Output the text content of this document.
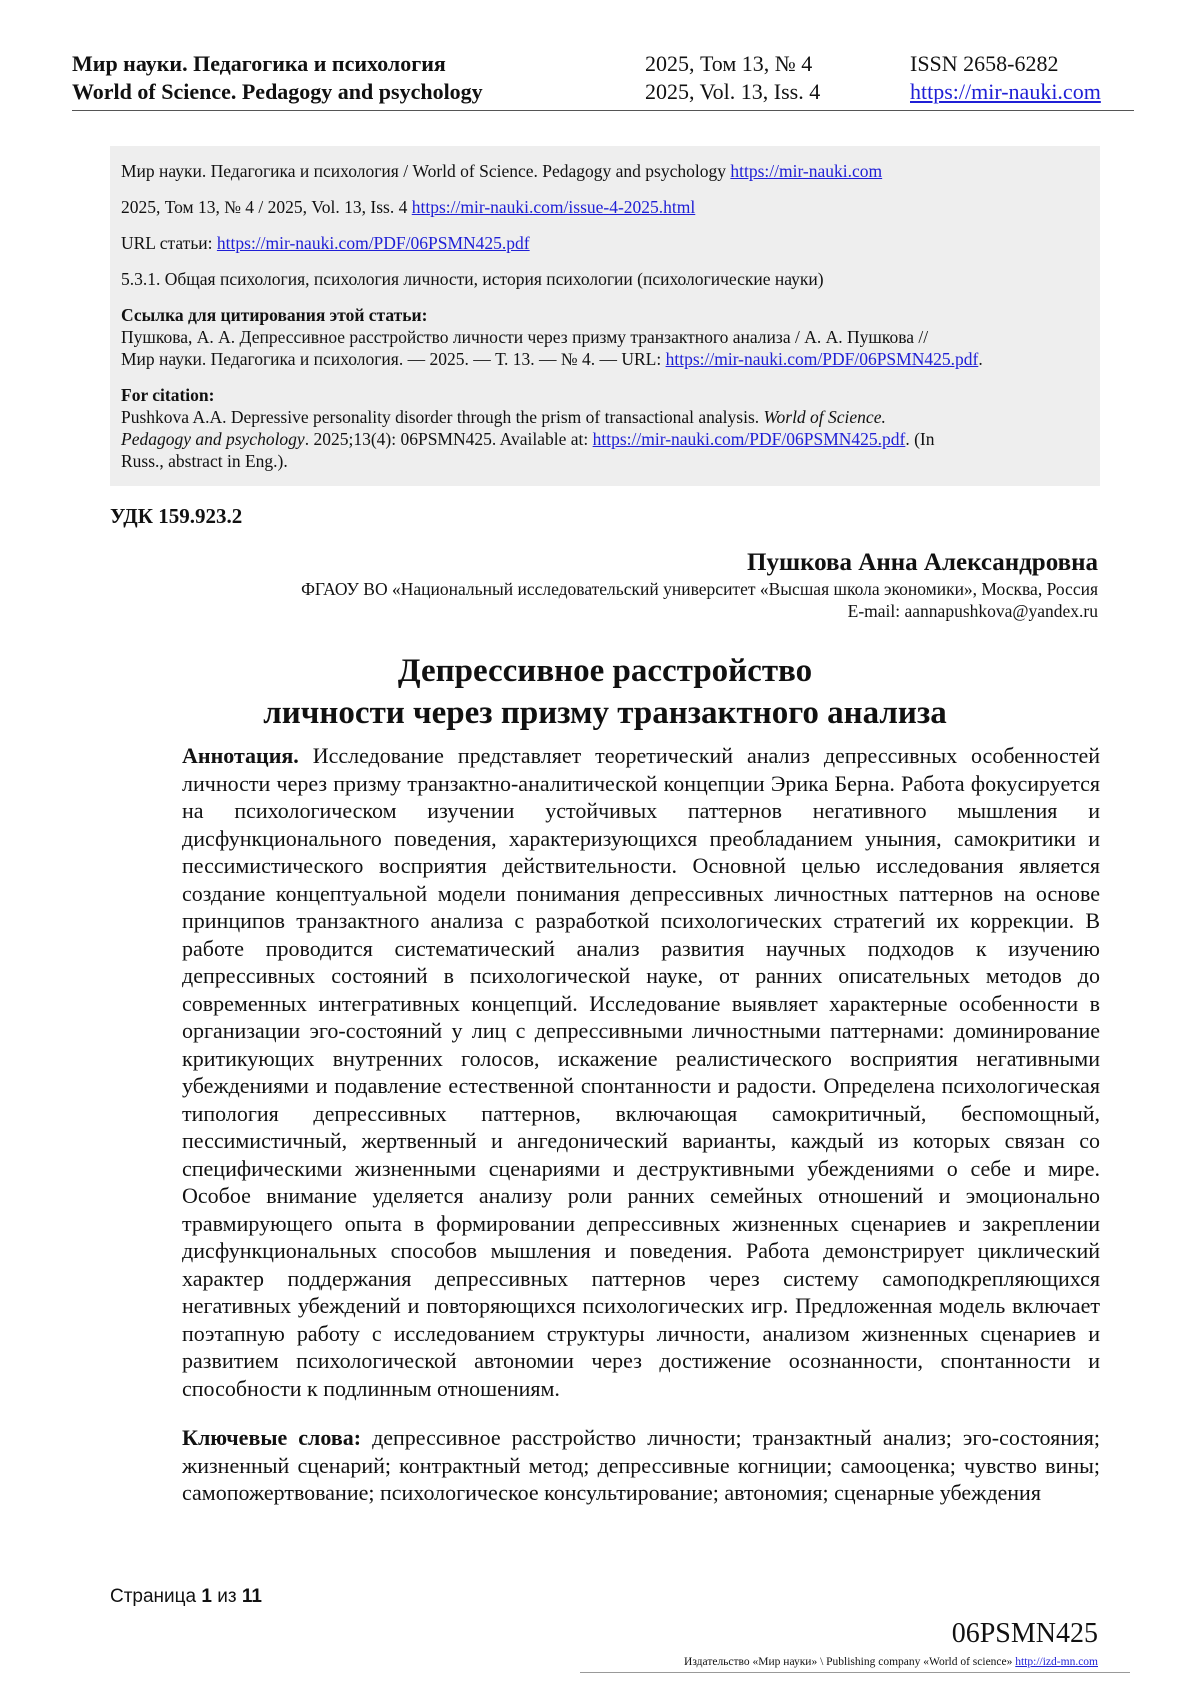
Мир науки. Педагогика и психология
World of Science. Pedagogy and psychology
2025, Том 13, № 4
2025, Vol. 13, Iss. 4
ISSN 2658-6282
https://mir-nauki.com
Мир науки. Педагогика и психология / World of Science. Pedagogy and psychology https://mir-nauki.com
2025, Том 13, № 4 / 2025, Vol. 13, Iss. 4 https://mir-nauki.com/issue-4-2025.html
URL статьи: https://mir-nauki.com/PDF/06PSMN425.pdf
5.3.1. Общая психология, психология личности, история психологии (психологические науки)
Ссылка для цитирования этой статьи:
Пушкова, А. А. Депрессивное расстройство личности через призму транзактного анализа / А. А. Пушкова //
Мир науки. Педагогика и психология. — 2025. — Т. 13. — № 4. — URL: https://mir-nauki.com/PDF/06PSMN425.pdf.
For citation:
Pushkova A.A. Depressive personality disorder through the prism of transactional analysis. World of Science.
Pedagogy and psychology. 2025;13(4): 06PSMN425. Available at: https://mir-nauki.com/PDF/06PSMN425.pdf. (In
Russ., abstract in Eng.).
УДК 159.923.2
Пушкова Анна Александровна
ФГАОУ ВО «Национальный исследовательский университет «Высшая школа экономики», Москва, Россия
E-mail: aannapushkova@yandex.ru
Депрессивное расстройство
личности через призму транзактного анализа
Аннотация. Исследование представляет теоретический анализ депрессивных особенностей личности через призму транзактно-аналитической концепции Эрика Берна. Работа фокусируется на психологическом изучении устойчивых паттернов негативного мышления и дисфункционального поведения, характеризующихся преобладанием уныния, самокритики и пессимистического восприятия действительности. Основной целью исследования является создание концептуальной модели понимания депрессивных личностных паттернов на основе принципов транзактного анализа с разработкой психологических стратегий их коррекции. В работе проводится систематический анализ развития научных подходов к изучению депрессивных состояний в психологической науке, от ранних описательных методов до современных интегративных концепций. Исследование выявляет характерные особенности в организации эго-состояний у лиц с депрессивными личностными паттернами: доминирование критикующих внутренних голосов, искажение реалистического восприятия негативными убеждениями и подавление естественной спонтанности и радости. Определена психологическая типология депрессивных паттернов, включающая самокритичный, беспомощный, пессимистичный, жертвенный и ангедонический варианты, каждый из которых связан со специфическими жизненными сценариями и деструктивными убеждениями о себе и мире. Особое внимание уделяется анализу роли ранних семейных отношений и эмоционально травмирующего опыта в формировании депрессивных жизненных сценариев и закреплении дисфункциональных способов мышления и поведения. Работа демонстрирует циклический характер поддержания депрессивных паттернов через систему самоподкрепляющихся негативных убеждений и повторяющихся психологических игр. Предложенная модель включает поэтапную работу с исследованием структуры личности, анализом жизненных сценариев и развитием психологической автономии через достижение осознанности, спонтанности и способности к подлинным отношениям.
Ключевые слова: депрессивное расстройство личности; транзактный анализ; эго-состояния; жизненный сценарий; контрактный метод; депрессивные когниции; самооценка; чувство вины; самопожертвование; психологическое консультирование; автономия; сценарные убеждения
Страница 1 из 11
06PSMN425
Издательство «Мир науки» \ Publishing company «World of science» http://izd-mn.com
